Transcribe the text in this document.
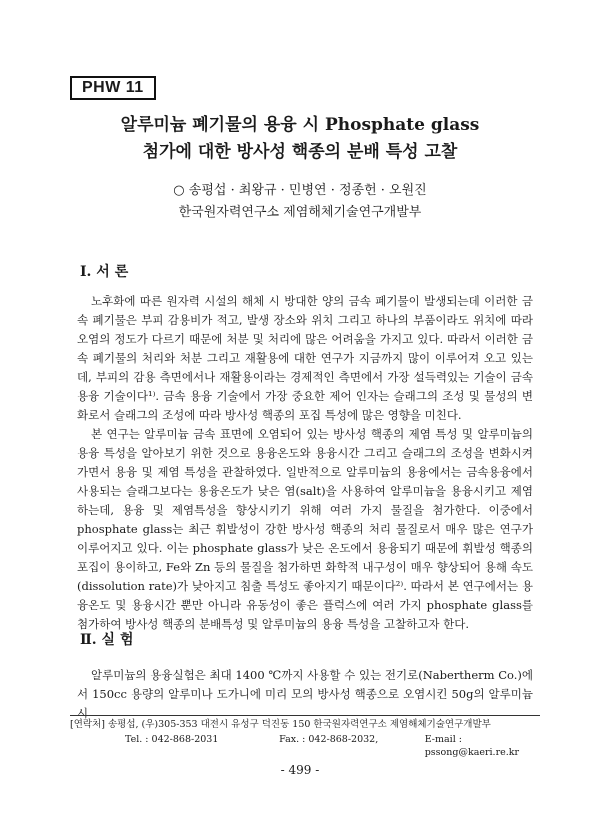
PHW 11
알루미늄 폐기물의 용융 시 Phosphate glass
첨가에 대한 방사성 핵종의 분배 특성 고찰
○ 송평섭 · 최왕규 · 민병연 · 정종헌 · 오원진
한국원자력연구소 제염해체기술연구개발부
Ⅰ. 서 론
노후화에 따른 원자력 시설의 해체 시 방대한 양의 금속 폐기물이 발생되는데 이러한 금속 폐기물은 부피 감용비가 적고, 발생 장소와 위치 그리고 하나의 부품이라도 위치에 따라 오염의 정도가 다르기 때문에 처분 및 처리에 많은 어려움을 가지고 있다. 따라서 이러한 금속 폐기물의 처리와 처분 그리고 재활용에 대한 연구가 지금까지 많이 이루어져 오고 있는데, 부피의 감용 측면에서나 재활용이라는 경제적인 측면에서 가장 설득력있는 기술이 금속 용융 기술이다¹⁾. 금속 용융 기술에서 가장 중요한 제어 인자는 슬래그의 조성 및 물성의 변화로서 슬래그의 조성에 따라 방사성 핵종의 포집 특성에 많은 영향을 미친다.
본 연구는 알루미늄 금속 표면에 오염되어 있는 방사성 핵종의 제염 특성 및 알루미늄의 용융 특성을 알아보기 위한 것으로 용융온도와 용융시간 그리고 슬래그의 조성을 변화시켜 가면서 용융 및 제염 특성을 관찰하였다. 일반적으로 알루미늄의 용융에서는 금속용융에서 사용되는 슬래그보다는 용융온도가 낮은 염(salt)을 사용하여 알루미늄을 용융시키고 제염하는데, 용융 및 제염특성을 향상시키기 위해 여러 가지 물질을 첨가한다. 이중에서 phosphate glass는 최근 휘발성이 강한 방사성 핵종의 처리 물질로서 매우 많은 연구가 이루어지고 있다. 이는 phosphate glass가 낮은 온도에서 용융되기 때문에 휘발성 핵종의 포집이 용이하고, Fe와 Zn 등의 물질을 첨가하면 화학적 내구성이 매우 향상되어 용해 속도(dissolution rate)가 낮아지고 침출 특성도 좋아지기 때문이다²⁾. 따라서 본 연구에서는 용융온도 및 용융시간 뿐만 아니라 유동성이 좋은 플럭스에 여러 가지 phosphate glass를 첨가하여 방사성 핵종의 분배특성 및 알루미늄의 용융 특성을 고찰하고자 한다.
Ⅱ. 실 험
알루미늄의 용융실험은 최대 1400 ℃까지 사용할 수 있는 전기로(Nabertherm Co.)에서 150cc 용량의 알루미나 도가니에 미리 모의 방사성 핵종으로 오염시킨 50g의 알루미늄 시
[연락처] 송평섭, (우)305-353 대전시 유성구 덕진동 150 한국원자력연구소 제염해체기술연구개발부
Tel. : 042-868-2031	Fax. : 042-868-2032,	E-mail : pssong@kaeri.re.kr
- 499 -
